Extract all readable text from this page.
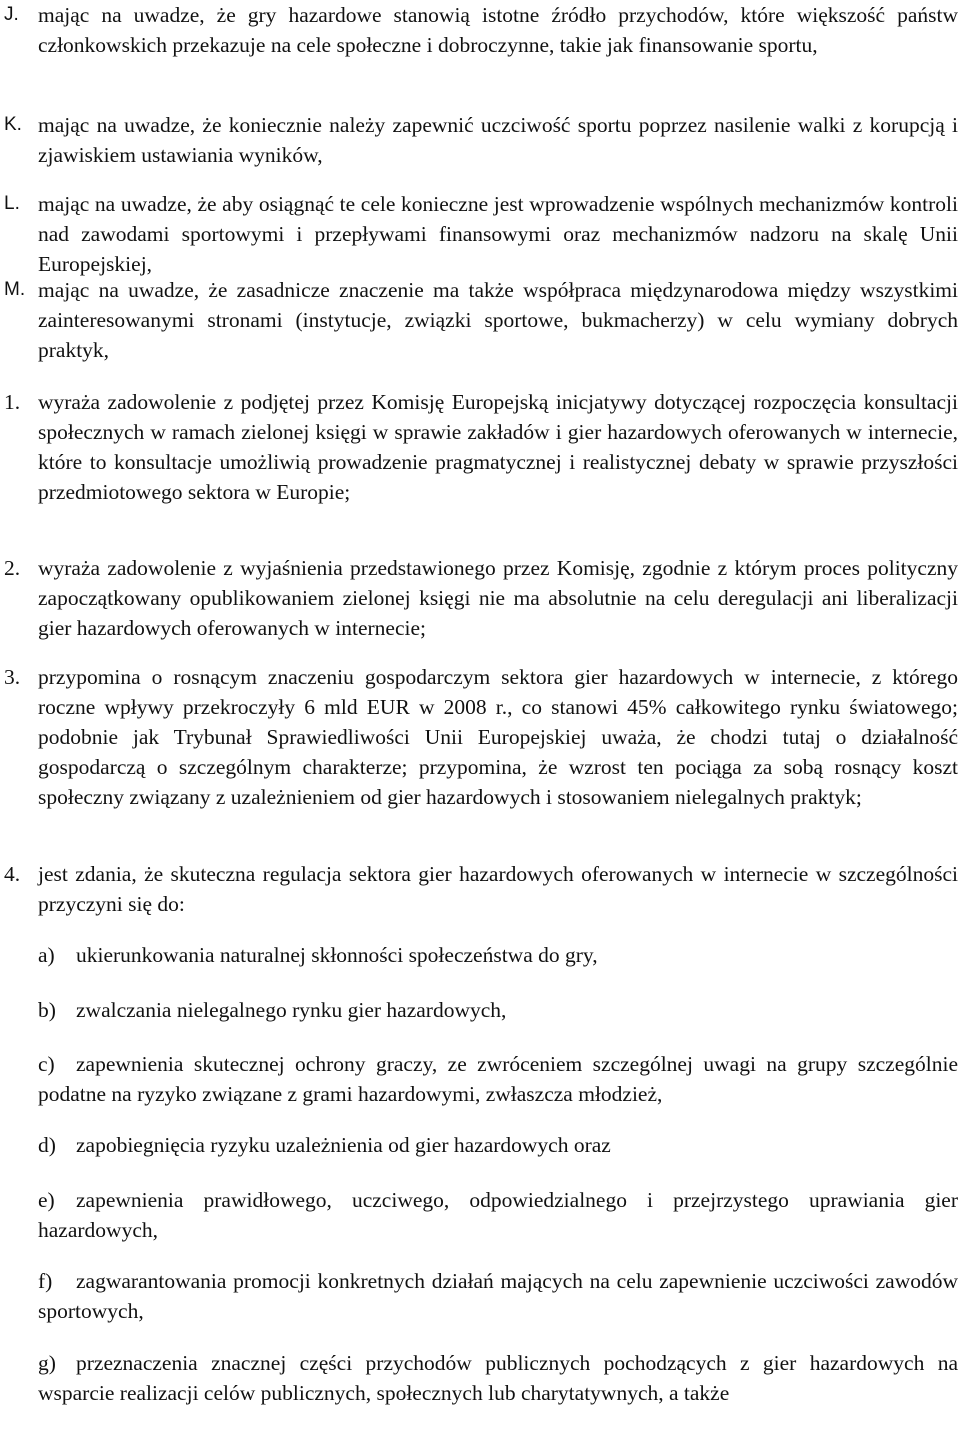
J. mając na uwadze, że gry hazardowe stanowią istotne źródło przychodów, które większość państw członkowskich przekazuje na cele społeczne i dobroczynne, takie jak finansowanie sportu,
K. mając na uwadze, że koniecznie należy zapewnić uczciwość sportu poprzez nasilenie walki z korupcją i zjawiskiem ustawiania wyników,
L. mając na uwadze, że aby osiągnąć te cele konieczne jest wprowadzenie wspólnych mechanizmów kontroli nad zawodami sportowymi i przepływami finansowymi oraz mechanizmów nadzoru na skalę Unii Europejskiej,
M. mając na uwadze, że zasadnicze znaczenie ma także współpraca międzynarodowa między wszystkimi zainteresowanymi stronami (instytucje, związki sportowe, bukmacherzy) w celu wymiany dobrych praktyk,
1. wyraża zadowolenie z podjętej przez Komisję Europejską inicjatywy dotyczącej rozpoczęcia konsultacji społecznych w ramach zielonej księgi w sprawie zakładów i gier hazardowych oferowanych w internecie, które to konsultacje umożliwią prowadzenie pragmatycznej i realistycznej debaty w sprawie przyszłości przedmiotowego sektora w Europie;
2. wyraża zadowolenie z wyjaśnienia przedstawionego przez Komisję, zgodnie z którym proces polityczny zapoczątkowany opublikowaniem zielonej księgi nie ma absolutnie na celu deregulacji ani liberalizacji gier hazardowych oferowanych w internecie;
3. przypomina o rosnącym znaczeniu gospodarczym sektora gier hazardowych w internecie, z którego roczne wpływy przekroczyły 6 mld EUR w 2008 r., co stanowi 45% całkowitego rynku światowego; podobnie jak Trybunał Sprawiedliwości Unii Europejskiej uważa, że chodzi tutaj o działalność gospodarczą o szczególnym charakterze; przypomina, że wzrost ten pociąga za sobą rosnący koszt społeczny związany z uzależnieniem od gier hazardowych i stosowaniem nielegalnych praktyk;
4. jest zdania, że skuteczna regulacja sektora gier hazardowych oferowanych w internecie w szczególności przyczyni się do:
a) ukierunkowania naturalnej skłonności społeczeństwa do gry,
b) zwalczania nielegalnego rynku gier hazardowych,
c) zapewnienia skutecznej ochrony graczy, ze zwróceniem szczególnej uwagi na grupy szczególnie podatne na ryzyko związane z grami hazardowymi, zwłaszcza młodzież,
d) zapobiegnięcia ryzyku uzależnienia od gier hazardowych oraz
e) zapewnienia prawidłowego, uczciwego, odpowiedzialnego i przejrzystego uprawiania gier hazardowych,
f) zagwarantowania promocji konkretnych działań mających na celu zapewnienie uczciwości zawodów sportowych,
g) przeznaczenia znacznej części przychodów publicznych pochodzących z gier hazardowych na wsparcie realizacji celów publicznych, społecznych lub charytatywnych, a także
